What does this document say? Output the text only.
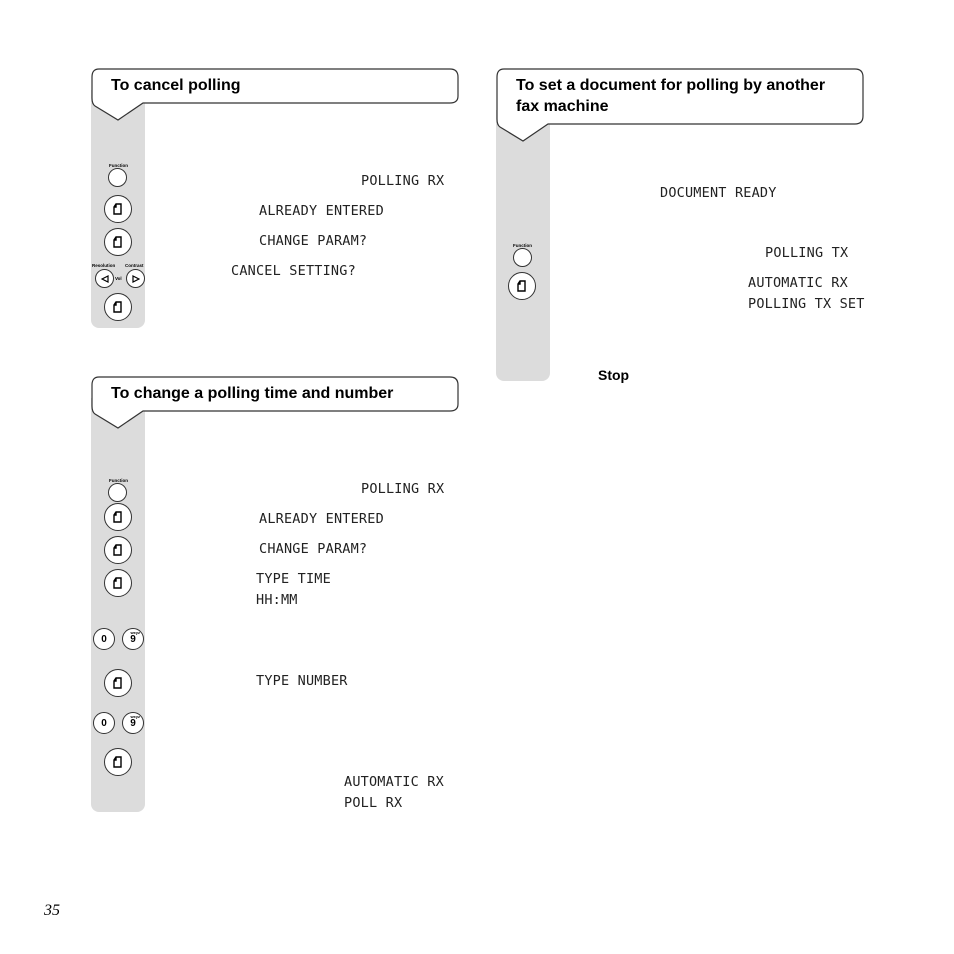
To cancel polling
Function
Resolution Contrast
Vol
POLLING RX
ALREADY ENTERED
CHANGE PARAM?
CANCEL SETTING?
To change a polling time and number
Function
0	9
wxyz
0	9
wxyz
POLLING RX
ALREADY ENTERED
CHANGE PARAM?
TYPE TIME
HH:MM
TYPE NUMBER
AUTOMATIC RX
POLL RX
To set a document for polling by another
fax machine
Function
DOCUMENT READY
POLLING TX
AUTOMATIC RX
POLLING TX SET
Stop
35
